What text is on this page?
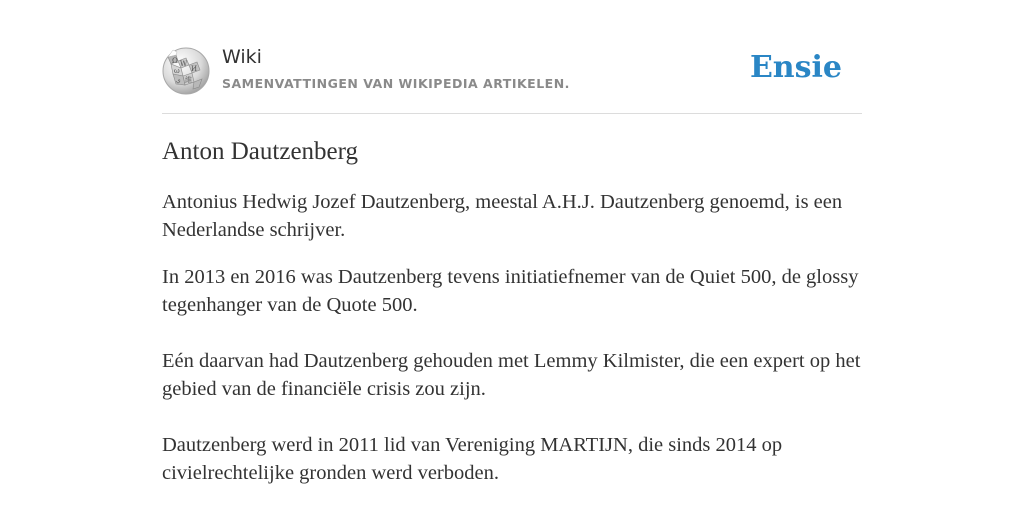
Ω W
И
ω
維
ي
Wiki
SAMENVATTINGEN VAN WIKIPEDIA ARTIKELEN.	Ensie
Anton Dautzenberg

Antonius Hedwig Jozef Dautzenberg, meestal A.H.J. Dautzenberg genoemd, is een Nederlandse schrijver.

In 2013 en 2016 was Dautzenberg tevens initiatiefnemer van de Quiet 500, de glossy tegenhanger van de Quote 500.

Eén daarvan had Dautzenberg gehouden met Lemmy Kilmister, die een expert op het gebied van de financiële crisis zou zijn.

Dautzenberg werd in 2011 lid van Vereniging MARTIJN, die sinds 2014 op civielrechtelijke gronden werd verboden.
